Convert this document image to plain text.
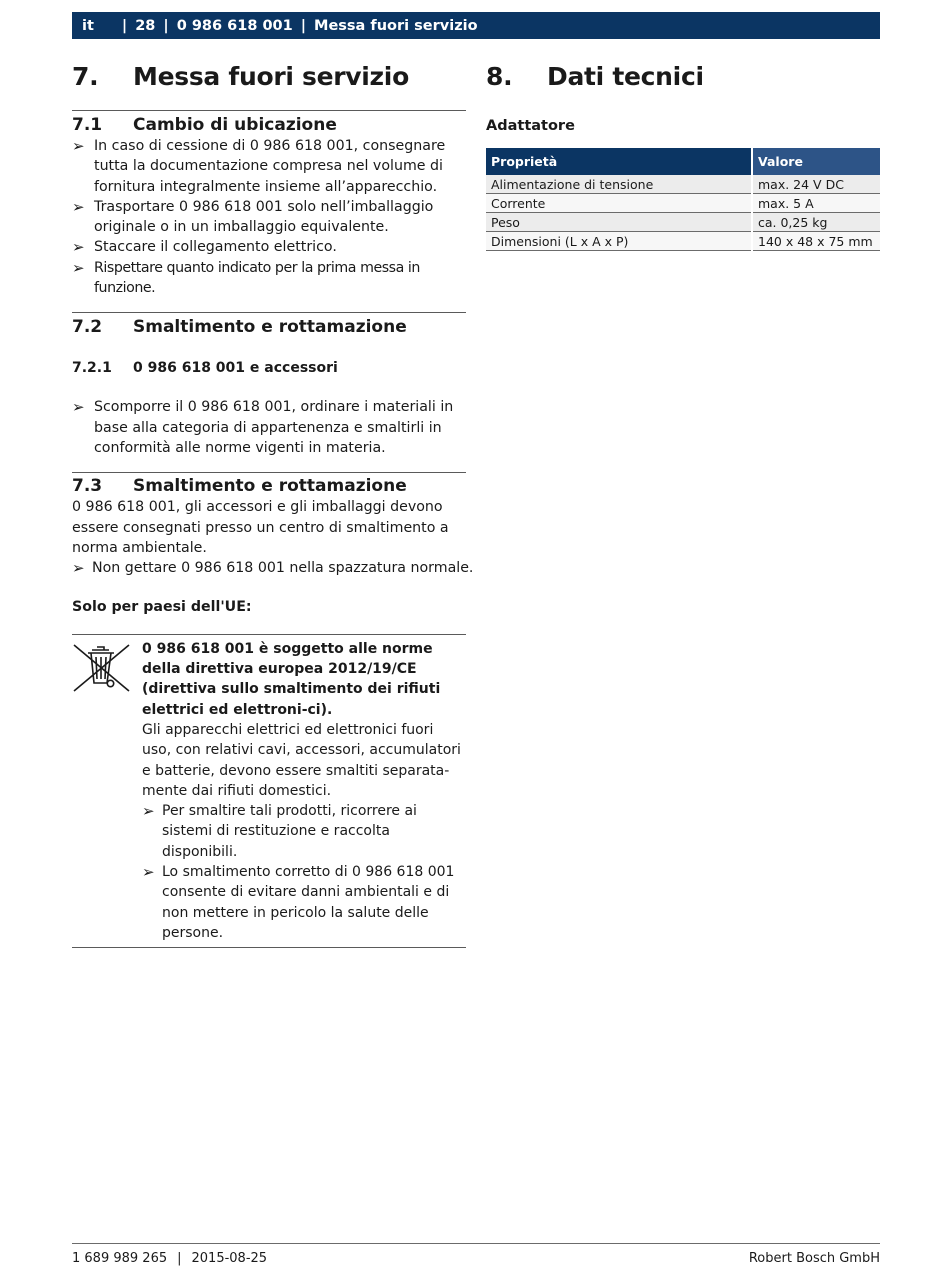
it | 28 | 0 986 618 001 | Messa fuori servizio
7.	Messa fuori servizio
7.1	Cambio di ubicazione
➢ In caso di cessione di 0 986 618 001, consegnare tutta la documentazione compresa nel volume di fornitura integralmente insieme all’apparecchio.
➢ Trasportare 0 986 618 001 solo nell’imballaggio originale o in un imballaggio equivalente.
➢ Staccare il collegamento elettrico.
➢ Rispettare quanto indicato per la prima messa in funzione.
7.2	Smaltimento e rottamazione
7.2.1	0 986 618 001 e accessori
➢ Scomporre il 0 986 618 001, ordinare i materiali in base alla categoria di appartenenza e smaltirli in conformità alle norme vigenti in materia.
7.3	Smaltimento e rottamazione
0 986 618 001, gli accessori e gli imballaggi devono essere consegnati presso un centro di smaltimento a norma ambientale.
➢ Non gettare 0 986 618 001 nella spazzatura normale.
Solo per paesi dell'UE:
0 986 618 001 è soggetto alle norme della direttiva europea 2012/19/CE (direttiva sullo smaltimento dei rifiuti elettrici ed elettroni-ci).
Gli apparecchi elettrici ed elettronici fuori uso, con relativi cavi, accessori, accumulatori e batterie, devono essere smaltiti separata-mente dai rifiuti domestici.
➢ Per smaltire tali prodotti, ricorrere ai sistemi di restituzione e raccolta disponibili.
➢ Lo smaltimento corretto di 0 986 618 001 consente di evitare danni ambientali e di non mettere in pericolo la salute delle persone.
8.	Dati tecnici
Adattatore
Proprietà	Valore
Alimentazione di tensione	max. 24 V DC
Corrente	max. 5 A
Peso	ca. 0,25 kg
Dimensioni (L x A x P)	140 x 48 x 75 mm
1 689 989 265 | 2015-08-25	Robert Bosch GmbH
